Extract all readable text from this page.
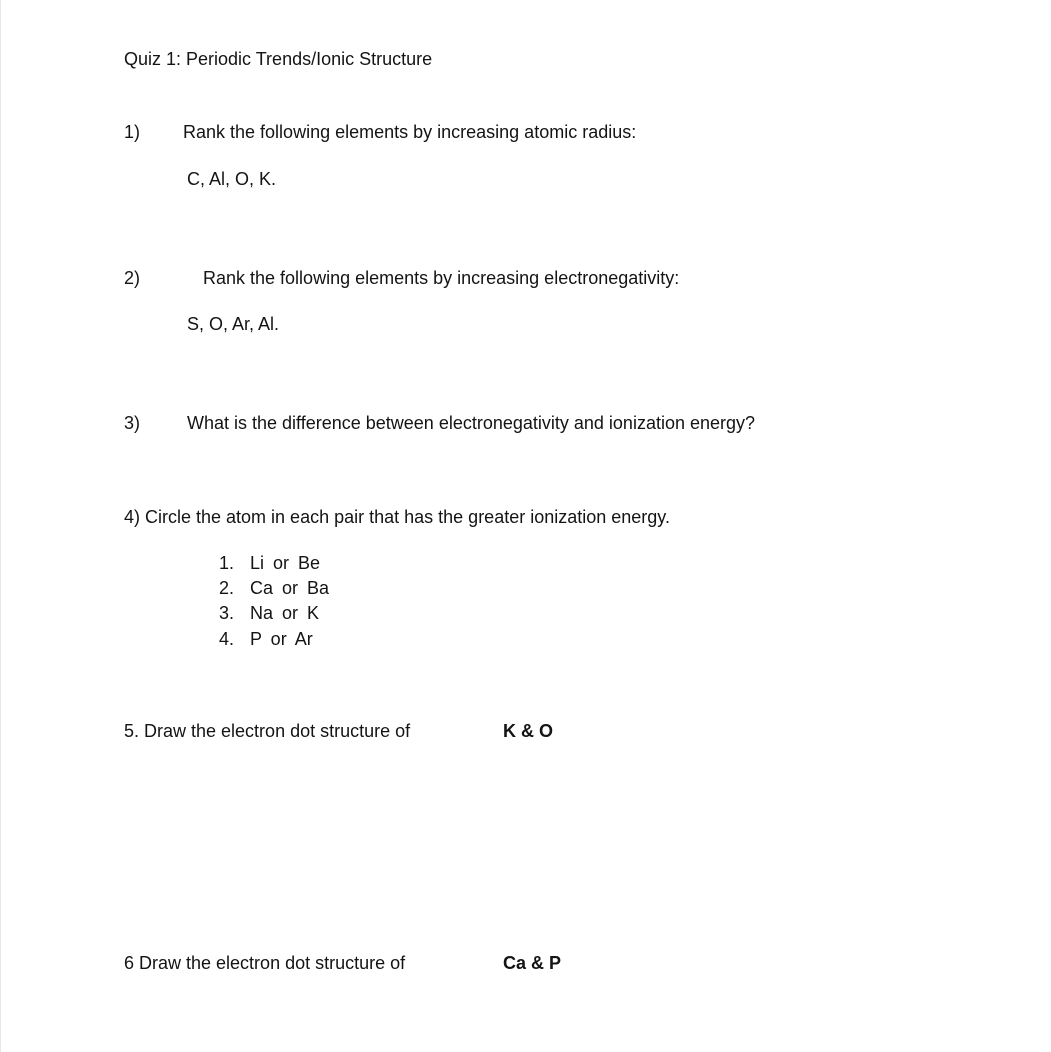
Quiz 1: Periodic Trends/Ionic Structure
1) Rank the following elements by increasing atomic radius:
C, Al, O, K.
2)	Rank the following elements by increasing electronegativity:
S, O, Ar, Al.
3)	What is the difference between electronegativity and ionization energy?
4) Circle the atom in each pair that has the greater ionization energy.
1. Li or Be
2. Ca or Ba
3. Na or K
4. P or Ar
5. Draw the electron dot structure of	K & O
6 Draw the electron dot structure of	Ca & P
